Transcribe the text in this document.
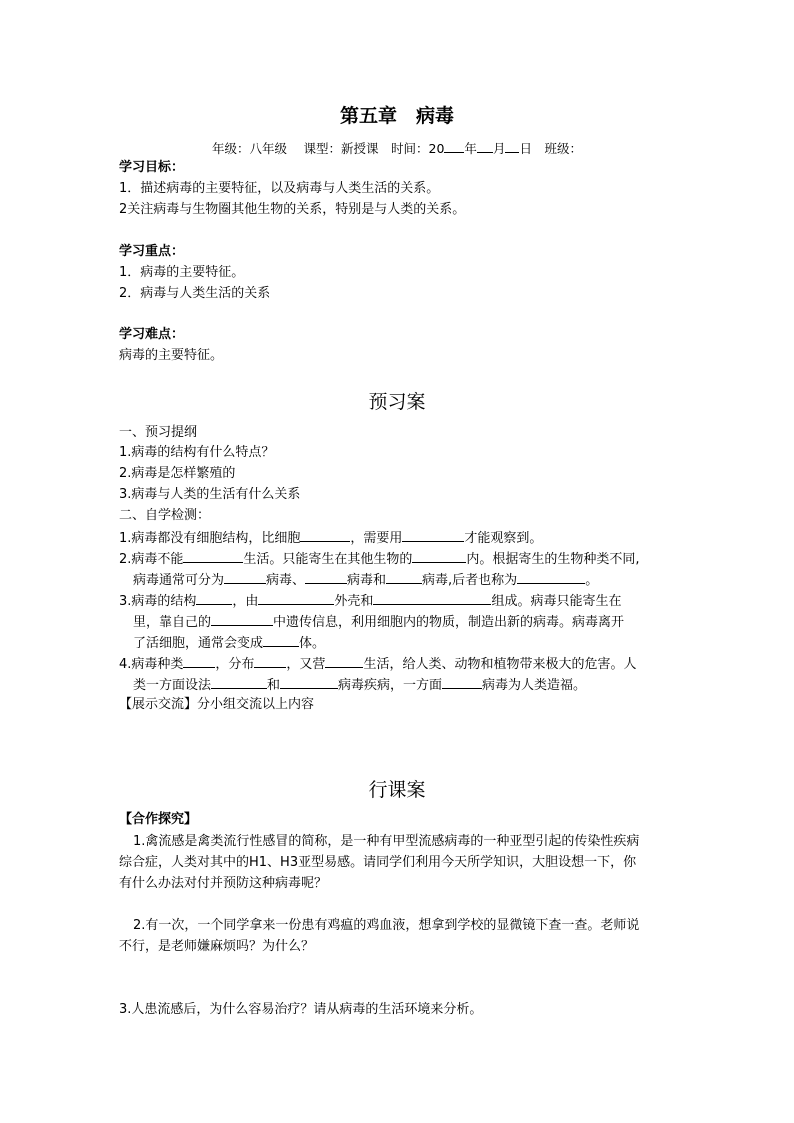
第五章　病毒
年级：八年级　 课型：新授课　时间：20 年 月 日　班级：
学习目标：
1．描述病毒的主要特征，以及病毒与人类生活的关系。
2关注病毒与生物圈其他生物的关系，特别是与人类的关系。
学习重点：
1．病毒的主要特征。
2．病毒与人类生活的关系
学习难点：
病毒的主要特征。
预习案
一、预习提纲
1.病毒的结构有什么特点？
2.病毒是怎样繁殖的
3.病毒与人类的生活有什么关系
二、自学检测：
1.病毒都没有细胞结构，比细胞	，需要用	才能观察到。
2.病毒不能	生活。只能寄生在其他生物的	内。根据寄生的生物种类不同,
病毒通常可分为	病毒、	病毒和	病毒,后者也称为	。
3.病毒的结构	，由	外壳和	组成。病毒只能寄生在
里，靠自己的	中遗传信息，利用细胞内的物质，制造出新的病毒。病毒离开
了活细胞，通常会变成	体。
4.病毒种类 ，分布 ，又营	生活，给人类、动物和植物带来极大的危害。人
类一方面设法	和	病毒疾病，一方面	病毒为人类造福。
【展示交流】分小组交流以上内容
行课案
【合作探究】
1.禽流感是禽类流行性感冒的简称，是一种有甲型流感病毒的一种亚型引起的传染性疾病
综合症，人类对其中的H1、H3亚型易感。请同学们利用今天所学知识，大胆设想一下，你
有什么办法对付并预防这种病毒呢？
2.有一次，一个同学拿来一份患有鸡瘟的鸡血液，想拿到学校的显微镜下查一查。老师说
不行，是老师嫌麻烦吗？为什么？
3.人患流感后，为什么容易治疗？请从病毒的生活环境来分析。
